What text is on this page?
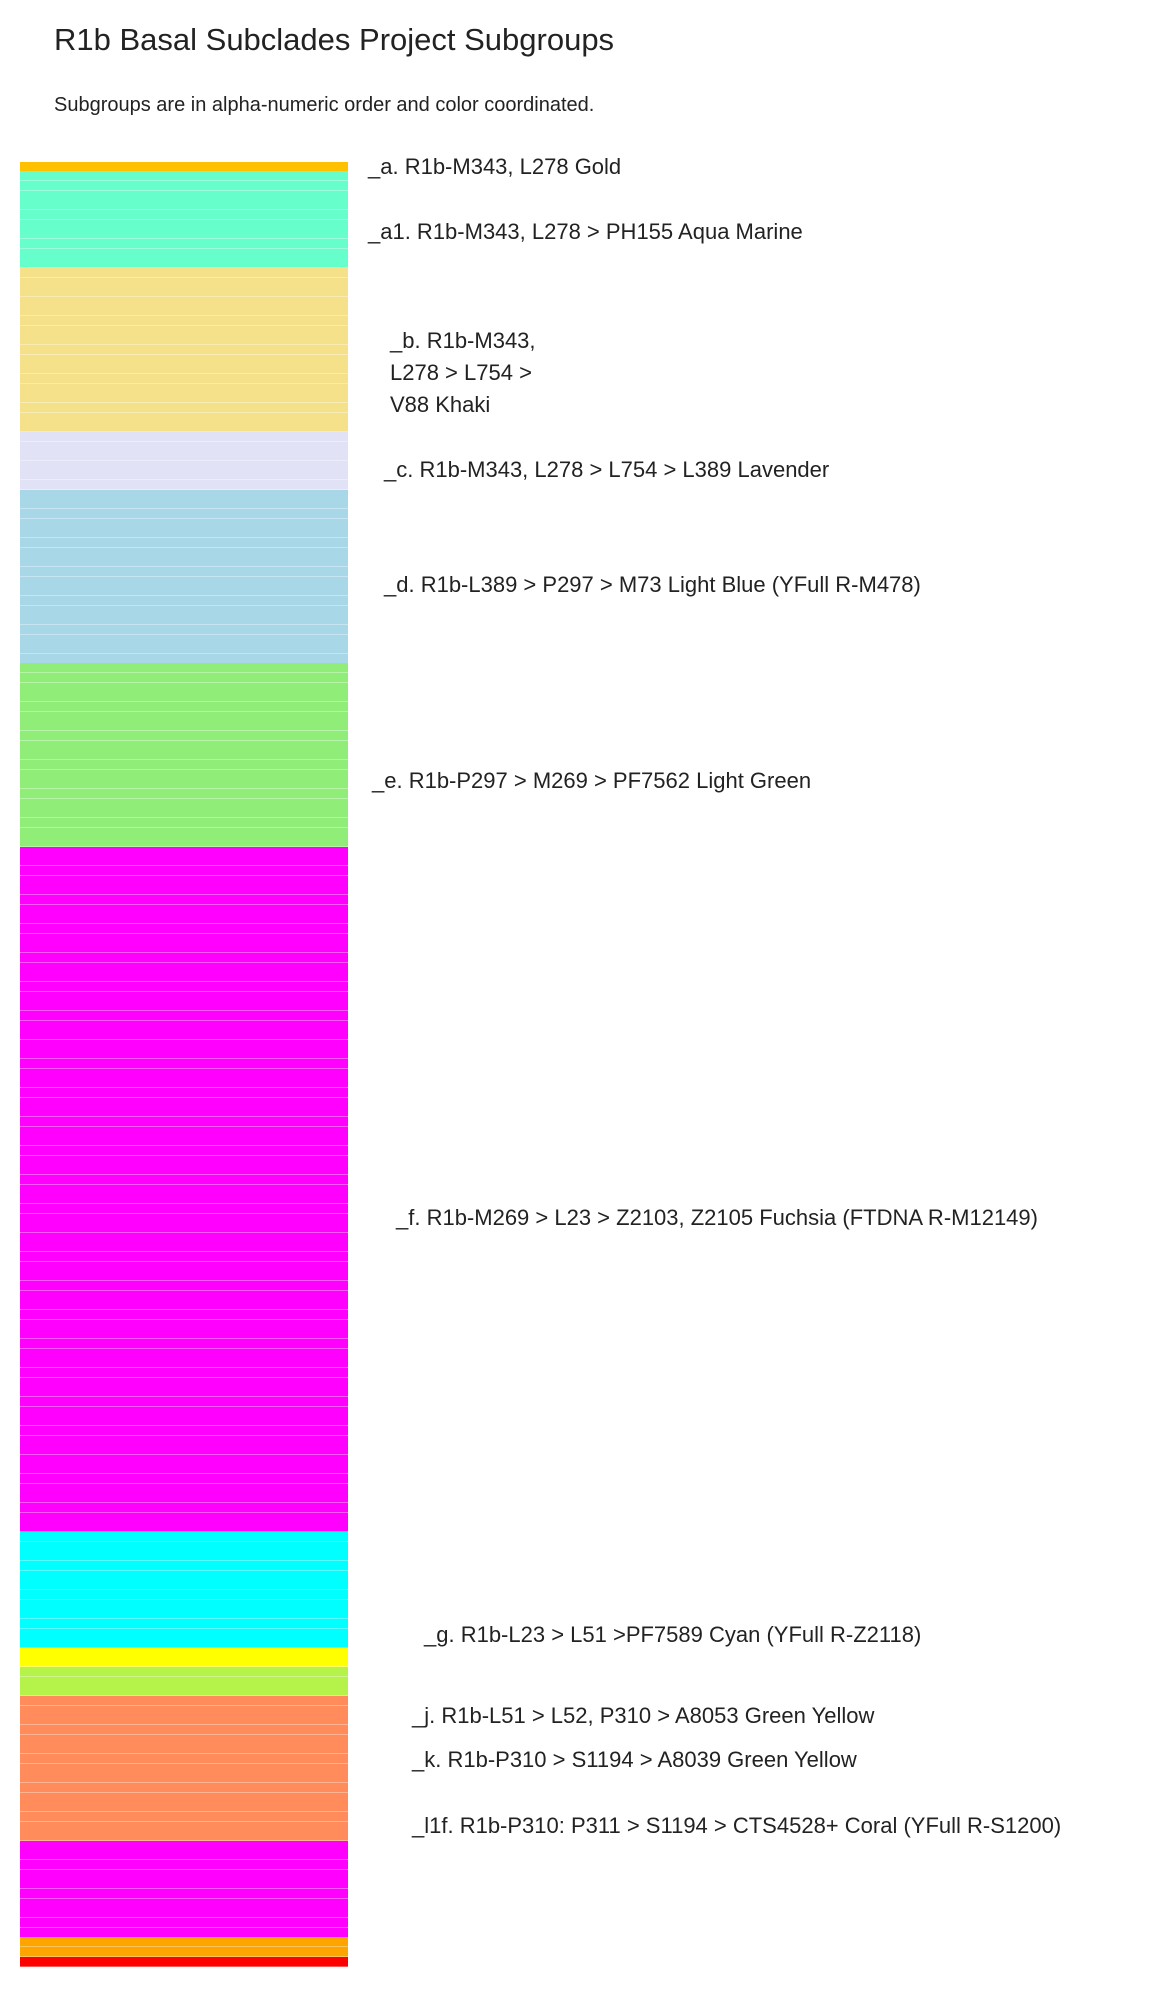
R1b Basal Subclades Project Subgroups
Subgroups are in alpha-numeric order and color coordinated.
_a. R1b-M343, L278 Gold
_a1. R1b-M343, L278 > PH155 Aqua Marine
_b. R1b-M343,
L278 > L754 >
V88 Khaki
_c. R1b-M343, L278 > L754 > L389 Lavender
_d. R1b-L389 > P297 > M73 Light Blue (YFull R-M478)
_e. R1b-P297 > M269 > PF7562 Light Green
_f. R1b-M269 > L23 > Z2103, Z2105 Fuchsia (FTDNA R-M12149)
_g. R1b-L23 > L51 >PF7589 Cyan (YFull R-Z2118)
_j. R1b-L51 > L52, P310 > A8053 Green Yellow
_k. R1b-P310 > S1194 > A8039 Green Yellow
_l1f. R1b-P310: P311 > S1194 > CTS4528+ Coral (YFull R-S1200)
